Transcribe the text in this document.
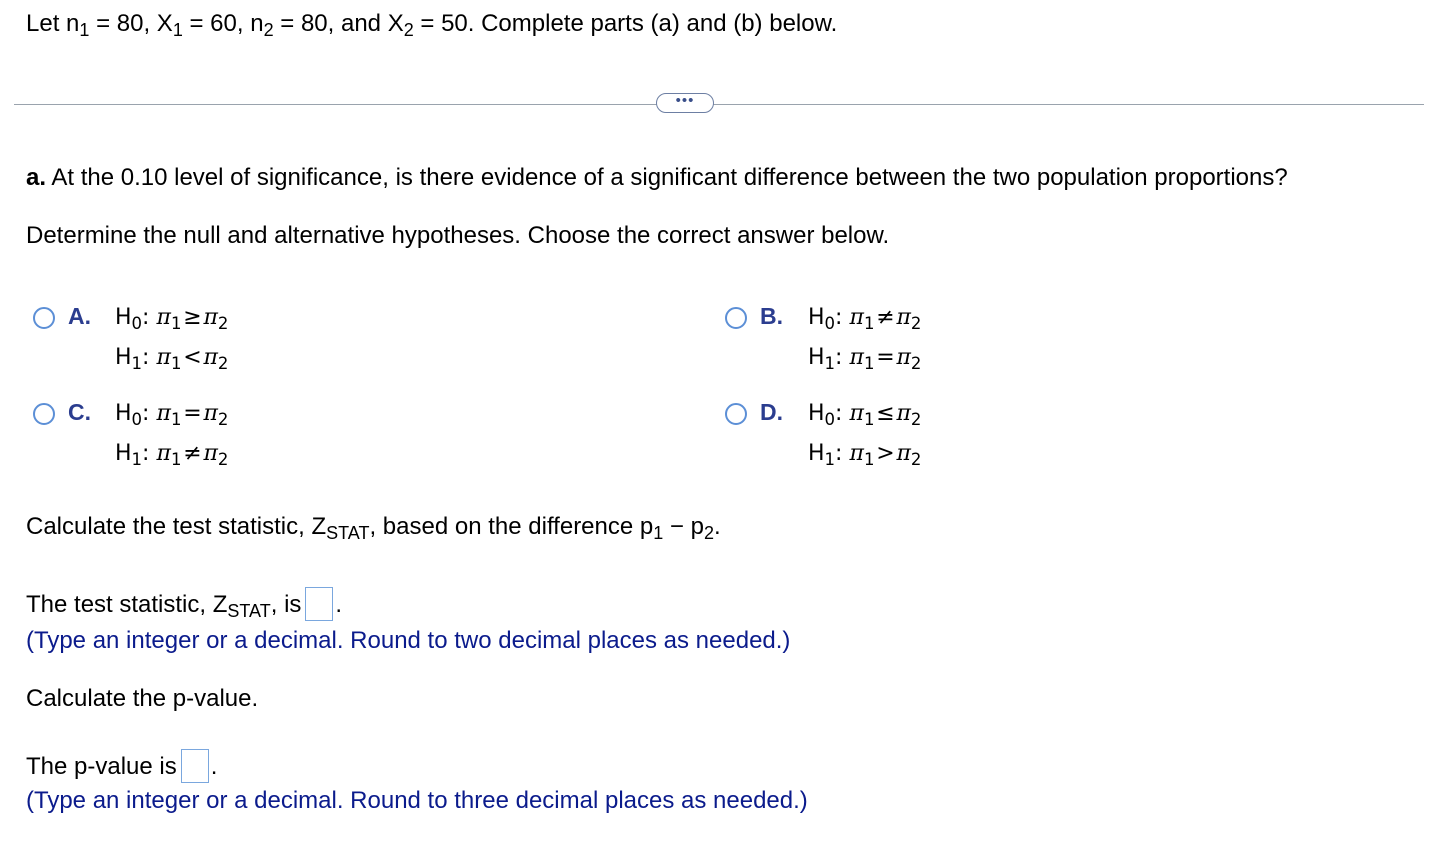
Let $n_1 = 80$, $X_1 = 60$, $n_2 = 80$, and $X_2 = 50$. Complete parts (a) and (b) below.
•••
a. At the 0.10 level of significance, is there evidence of a significant difference between the two population proportions?
Determine the null and alternative hypotheses. Choose the correct answer below.
A. $H_0$: $\pi_1\ge\pi_2$
$H_1$: $\pi_1<\pi_2$
B. $H_0$: $\pi_1\ne\pi_2$
$H_1$: $\pi_1=\pi_2$
C. $H_0$: $\pi_1=\pi_2$
$H_1$: $\pi_1\ne\pi_2$
D. $H_0$: $\pi_1\le\pi_2$
$H_1$: $\pi_1>\pi_2$
Calculate the test statistic, $Z_{STAT}$, based on the difference $p_1 - p_2$.
The test statistic, $Z_{STAT}$, is .
(Type an integer or a decimal. Round to two decimal places as needed.)
Calculate the p-value.
The p-value is .
(Type an integer or a decimal. Round to three decimal places as needed.)
